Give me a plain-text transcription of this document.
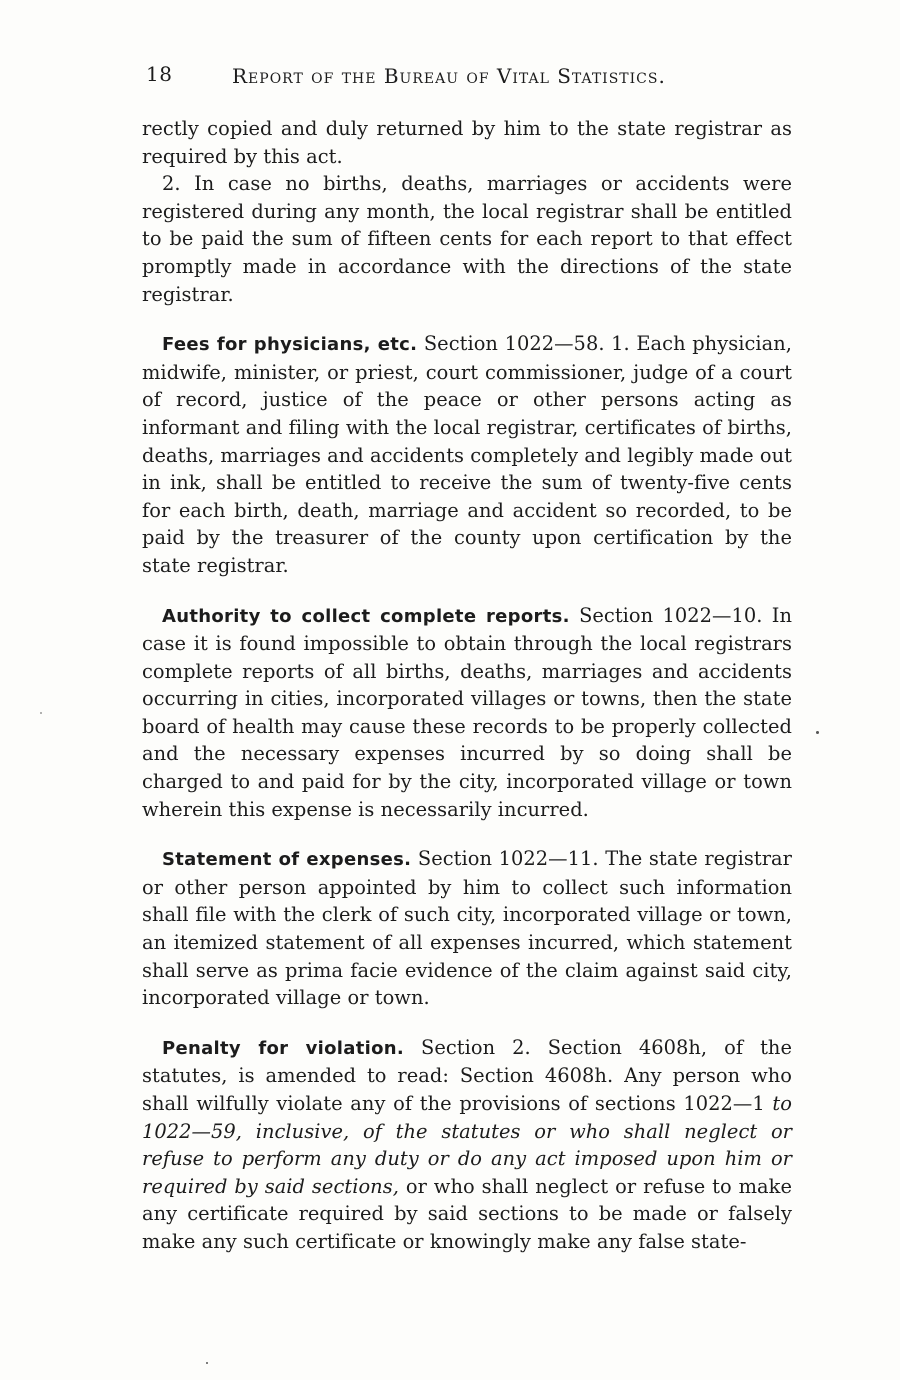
18	Report of the Bureau of Vital Statistics.

rectly copied and duly returned by him to the state registrar as required by this act.

2. In case no births, deaths, marriages or accidents were registered during any month, the local registrar shall be entitled to be paid the sum of fifteen cents for each report to that effect promptly made in accordance with the directions of the state registrar.

Fees for physicians, etc. Section 1022—58. 1. Each physician, midwife, minister, or priest, court commissioner, judge of a court of record, justice of the peace or other persons acting as informant and filing with the local registrar, certificates of births, deaths, marriages and accidents completely and legibly made out in ink, shall be entitled to receive the sum of twenty-five cents for each birth, death, marriage and accident so recorded, to be paid by the treasurer of the county upon certification by the state registrar.

Authority to collect complete reports. Section 1022—10. In case it is found impossible to obtain through the local registrars complete reports of all births, deaths, marriages and accidents occurring in cities, incorporated villages or towns, then the state board of health may cause these records to be properly collected and the necessary expenses incurred by so doing shall be charged to and paid for by the city, incorporated village or town wherein this expense is necessarily incurred.

Statement of expenses. Section 1022—11. The state registrar or other person appointed by him to collect such information shall file with the clerk of such city, incorporated village or town, an itemized statement of all expenses incurred, which statement shall serve as prima facie evidence of the claim against said city, incorporated village or town.

Penalty for violation. Section 2. Section 4608h, of the statutes, is amended to read: Section 4608h. Any person who shall wilfully violate any of the provisions of sections 1022—1 to 1022—59, inclusive, of the statutes or who shall neglect or refuse to perform any duty or do any act imposed upon him or required by said sections, or who shall neglect or refuse to make any certificate required by said sections to be made or falsely make any such certificate or knowingly make any false state-
